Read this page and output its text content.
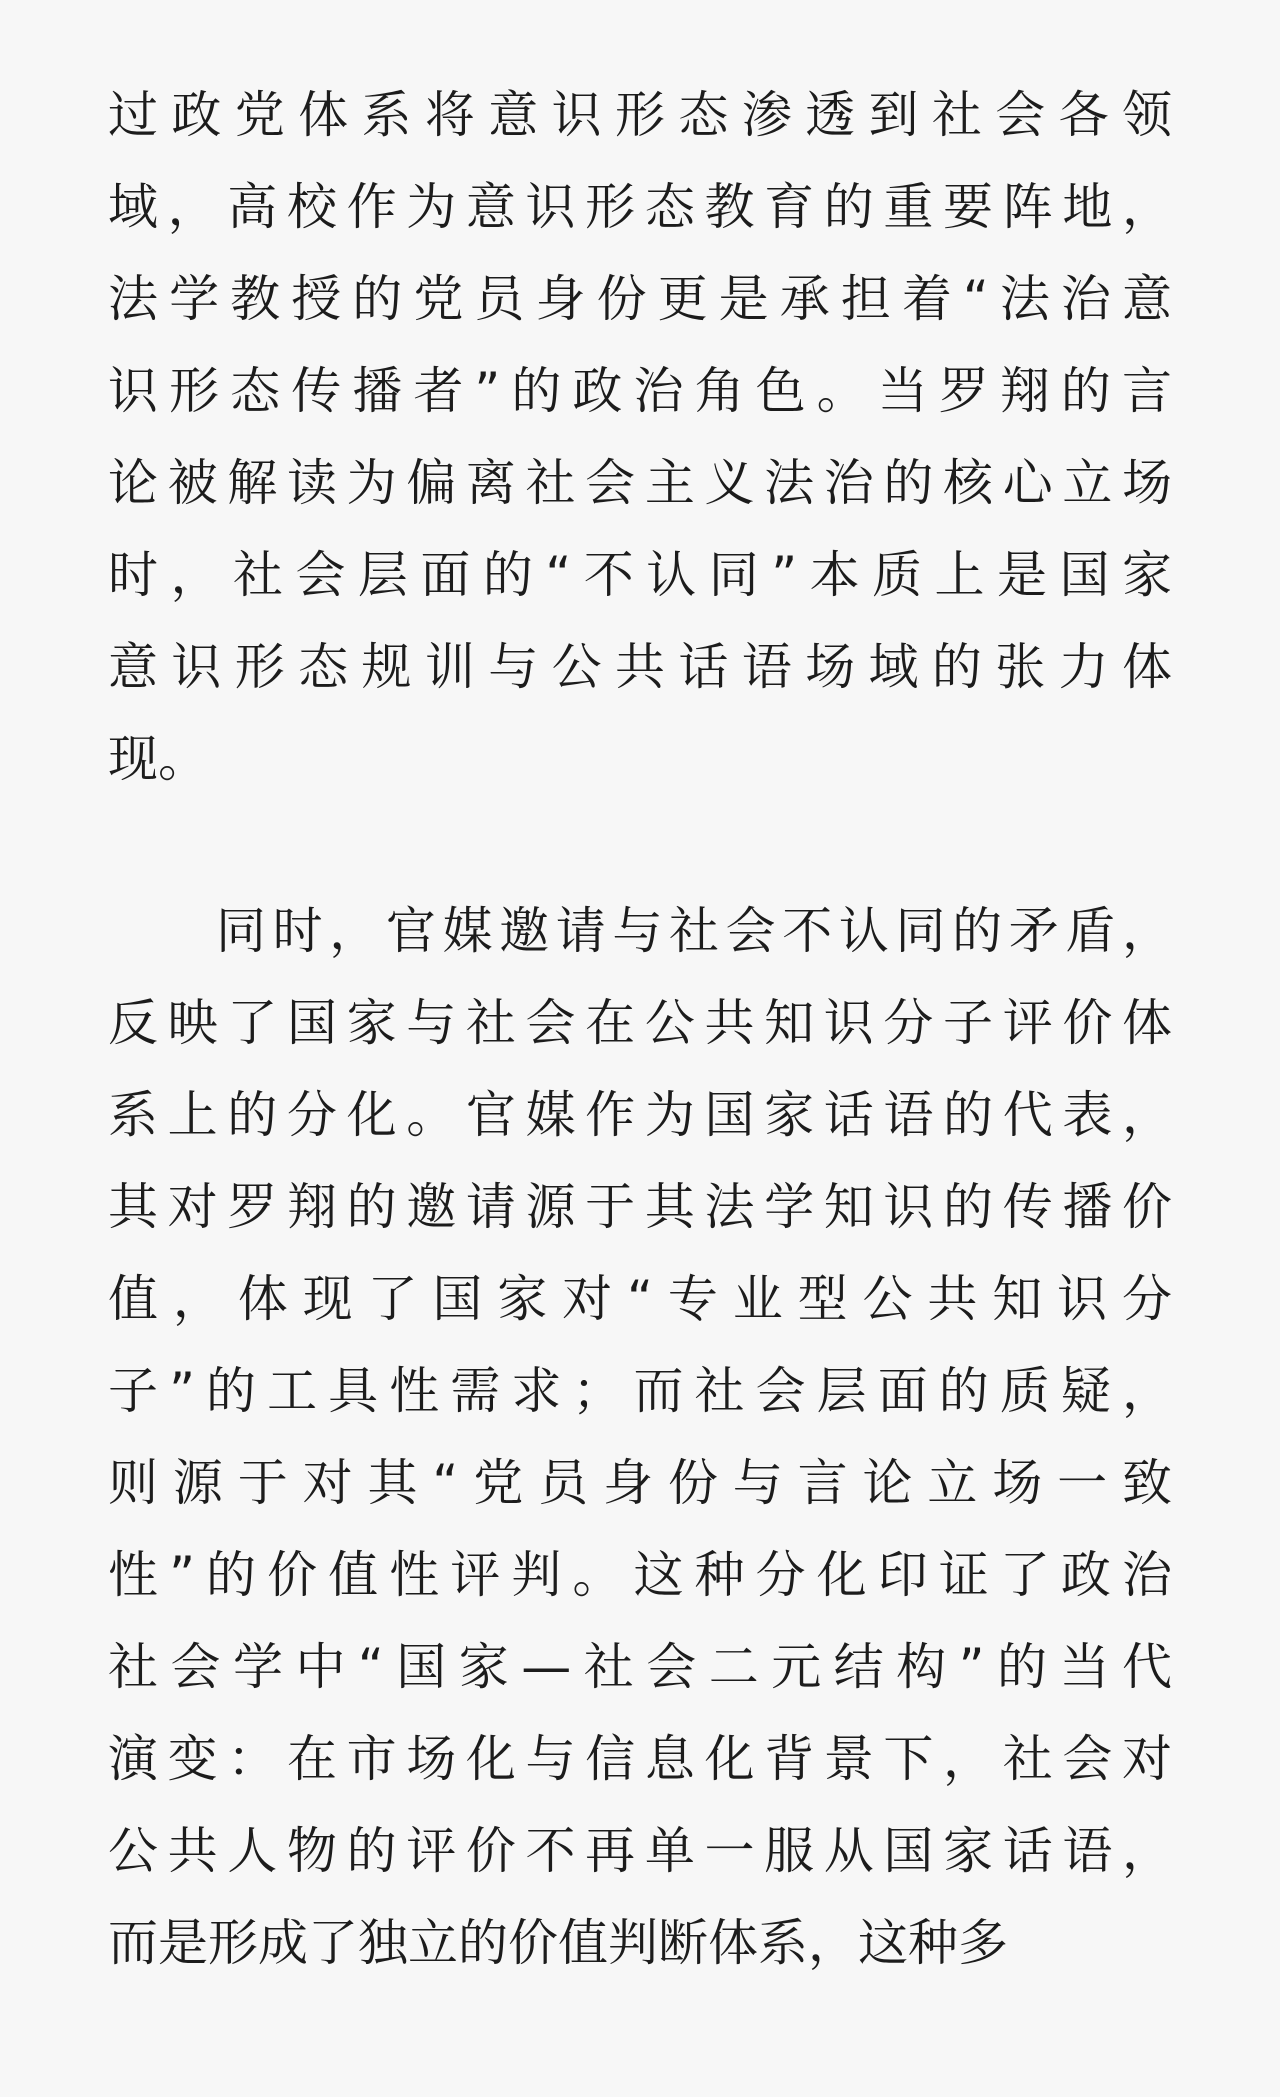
过政党体系将意识形态渗透到社会各领
域，高校作为意识形态教育的重要阵地，
法学教授的党员身份更是承担着“法治意
识形态传播者”的政治角色。当罗翔的言
论被解读为偏离社会主义法治的核心立场
时，社会层面的“不认同”本质上是国家
意识形态规训与公共话语场域的张力体
现。
同时，官媒邀请与社会不认同的矛盾，
反映了国家与社会在公共知识分子评价体
系上的分化。官媒作为国家话语的代表，
其对罗翔的邀请源于其法学知识的传播价
值，体现了国家对“专业型公共知识分
子”的工具性需求；而社会层面的质疑，
则源于对其“党员身份与言论立场一致
性”的价值性评判。这种分化印证了政治
社会学中“国家—社会二元结构”的当代
演变：在市场化与信息化背景下，社会对
公共人物的评价不再单一服从国家话语，
而是形成了独立的价值判断体系，这种多
